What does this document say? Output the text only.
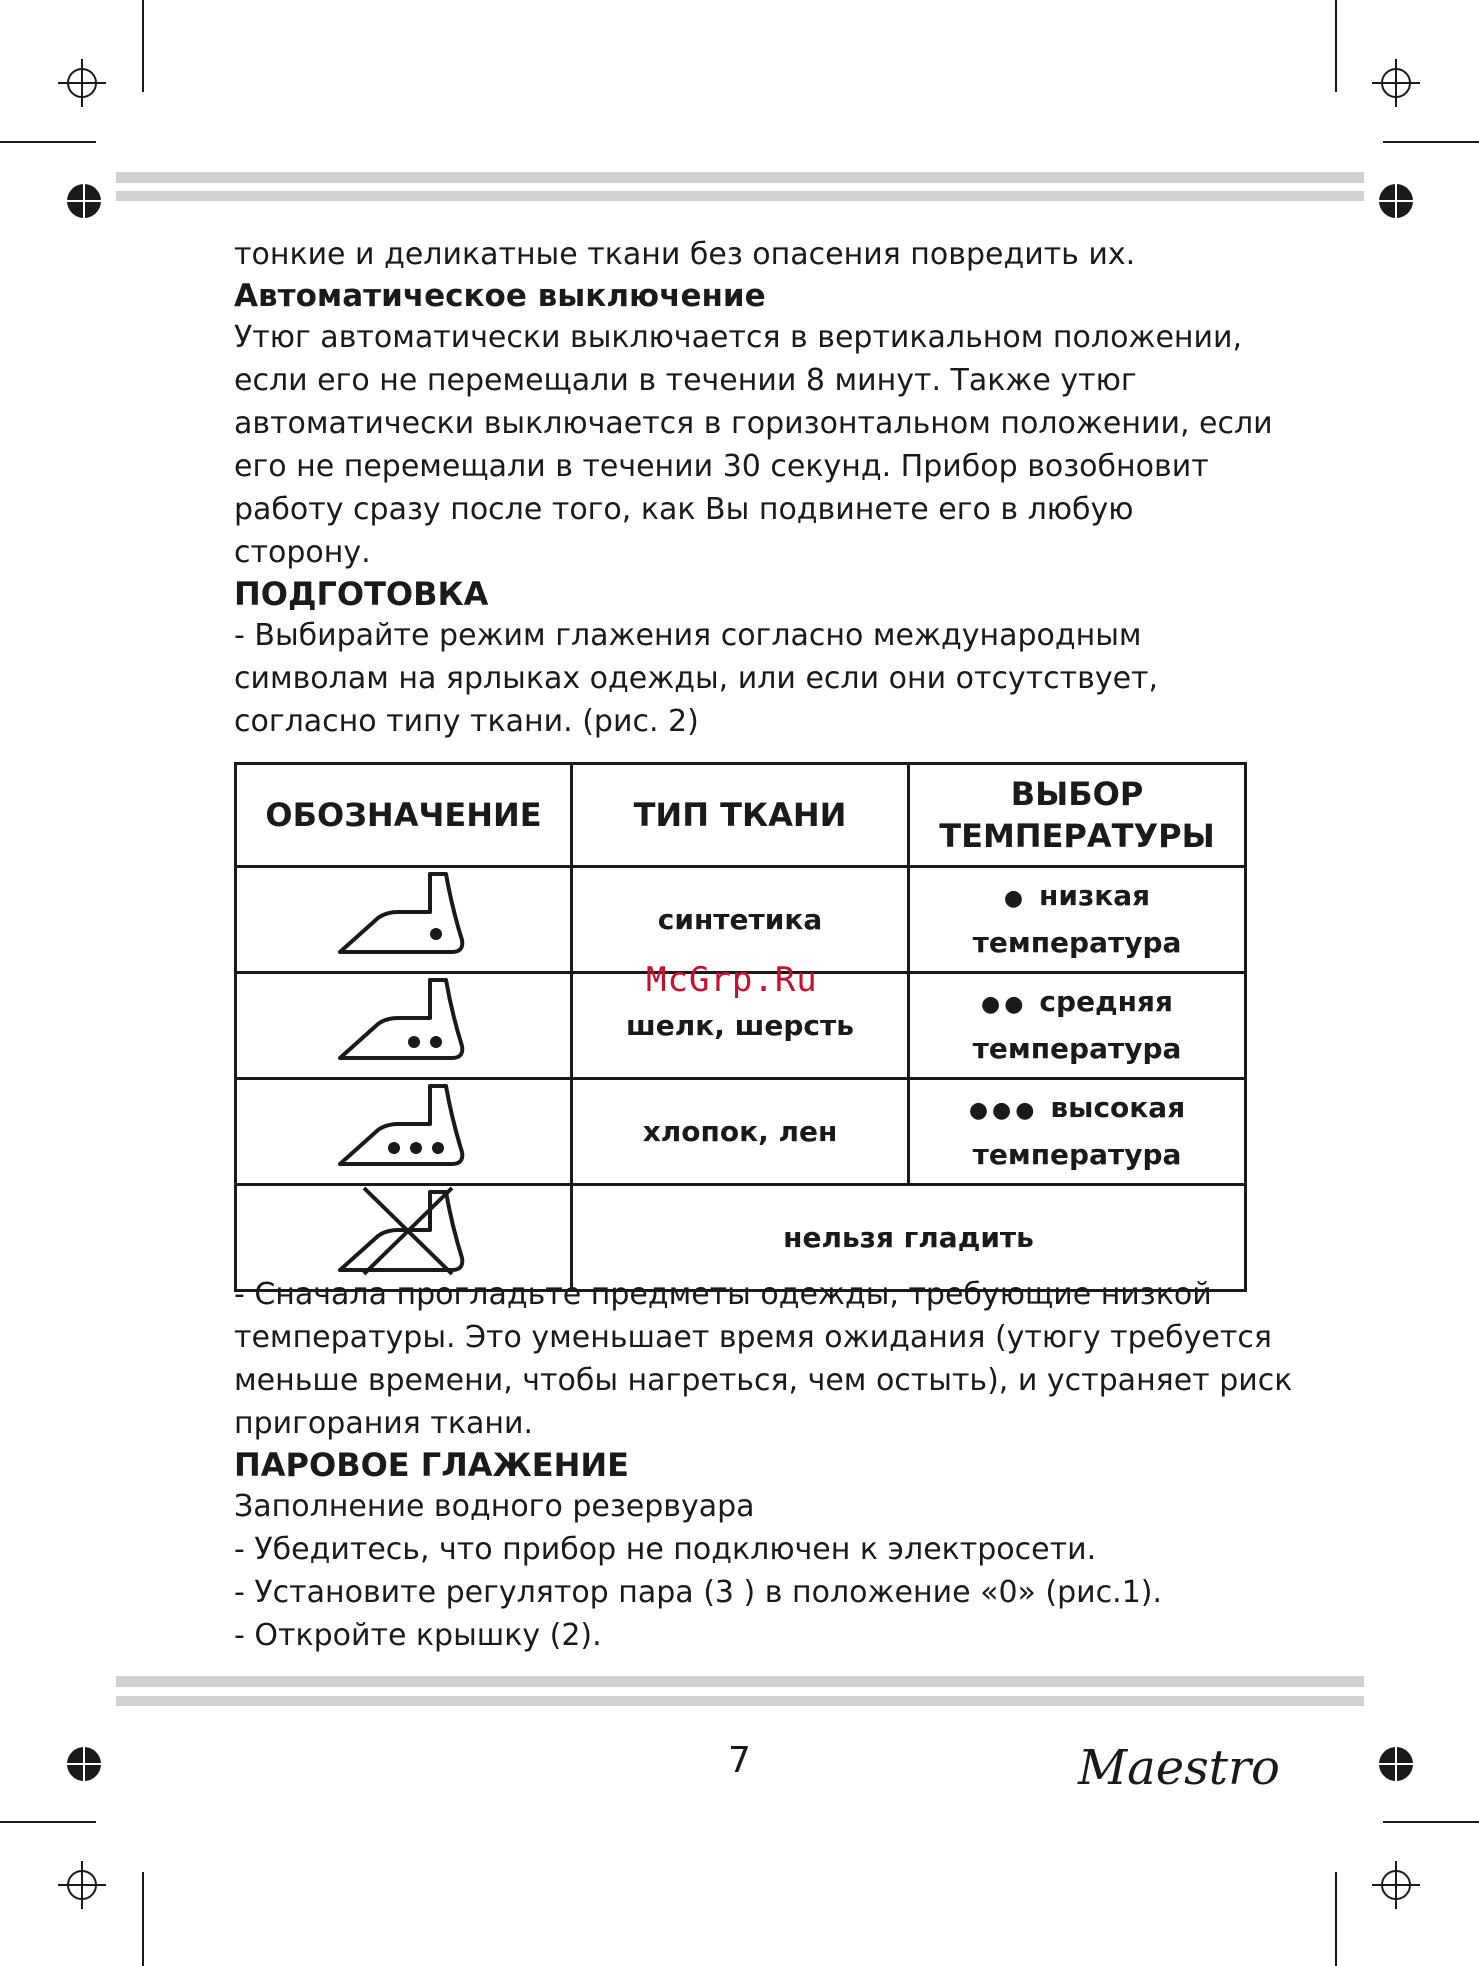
тонкие и деликатные ткани без опасения повредить их.

Автоматическое выключение

Утюг автоматически выключается в вертикальном положении,

если его не перемещали в течении 8 минут. Также утюг

автоматически выключается в горизонтальном положении, если

его не перемещали в течении 30 секунд. Прибор возобновит

работу сразу после того, как Вы подвинете его в любую

сторону.

ПОДГОТОВКА

- Выбирайте режим глажения согласно международным

символам на ярлыках одежды, или если они отсутствует,

согласно типу ткани. (рис. 2)

ОБОЗНАЧЕНИЕ	ТИП ТКАНИ	ВЫБОР
ТЕМПЕРАТУРЫ

	синтетика	● низкая
температура

	шелк, шерсть	●● средняя
температура

	хлопок, лен	●●● высокая
температура

	нельзя гладить	
McGrp.Ru

- Сначала прогладьте предметы одежды, требующие низкой

температуры. Это уменьшает время ожидания (утюгу требуется

меньше времени, чтобы нагреться, чем остыть), и устраняет риск

пригорания ткани.

ПАРОВОЕ ГЛАЖЕНИЕ

Заполнение водного резервуара

- Убедитесь, что прибор не подключен к электросети.

- Установите регулятор пара (3 ) в положение «0» (рис.1).

- Откройте крышку (2).

7	Maestro
